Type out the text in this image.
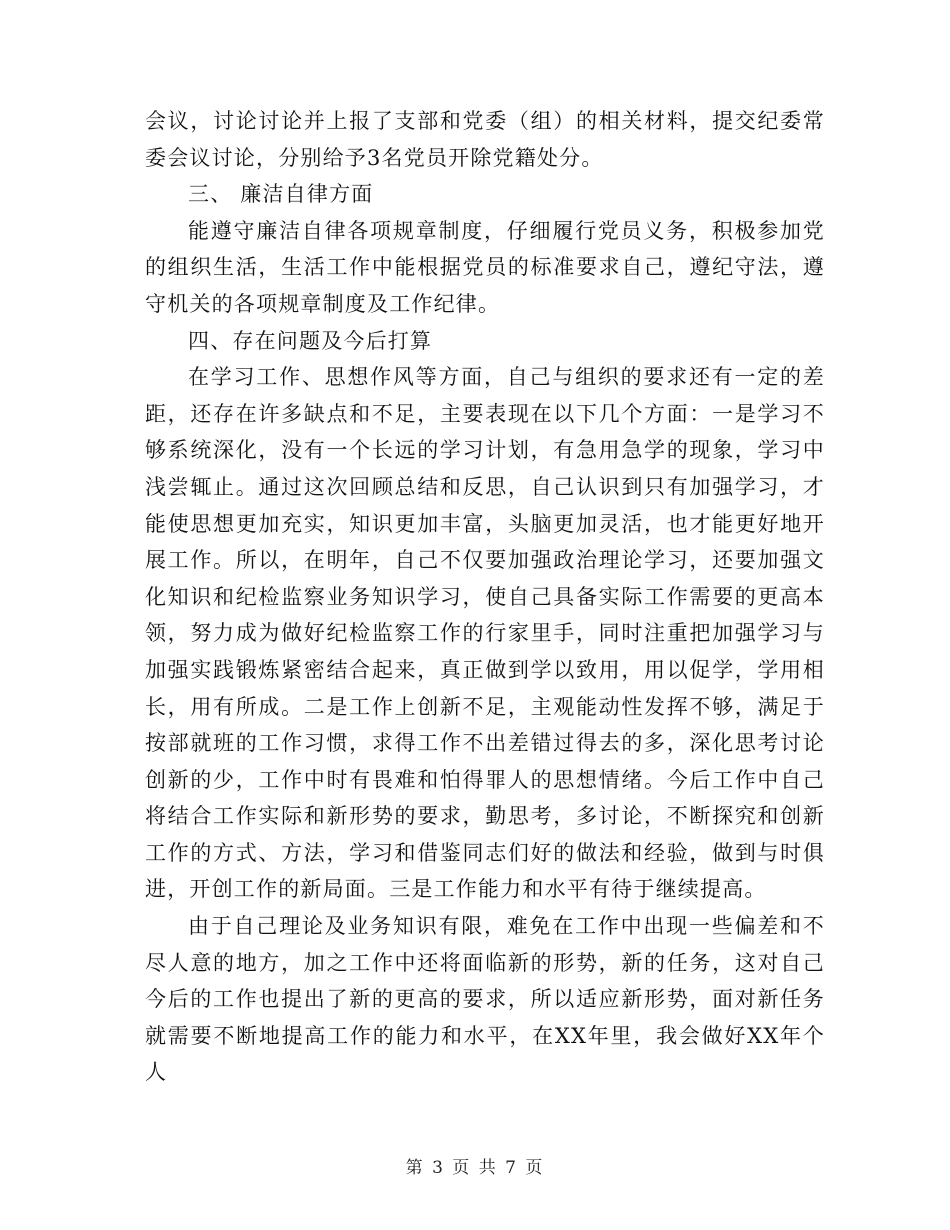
会议，讨论讨论并上报了支部和党委（组）的相关材料，提交纪委常委会议讨论，分别给予3名党员开除党籍处分。

三、 廉洁自律方面

能遵守廉洁自律各项规章制度，仔细履行党员义务，积极参加党的组织生活，生活工作中能根据党员的标准要求自己，遵纪守法，遵守机关的各项规章制度及工作纪律。

四、存在问题及今后打算

在学习工作、思想作风等方面，自己与组织的要求还有一定的差距，还存在许多缺点和不足，主要表现在以下几个方面：一是学习不够系统深化，没有一个长远的学习计划，有急用急学的现象，学习中浅尝辄止。通过这次回顾总结和反思，自己认识到只有加强学习，才能使思想更加充实，知识更加丰富，头脑更加灵活，也才能更好地开展工作。所以，在明年，自己不仅要加强政治理论学习，还要加强文化知识和纪检监察业务知识学习，使自己具备实际工作需要的更高本领，努力成为做好纪检监察工作的行家里手，同时注重把加强学习与加强实践锻炼紧密结合起来，真正做到学以致用，用以促学，学用相长，用有所成。二是工作上创新不足，主观能动性发挥不够，满足于按部就班的工作习惯，求得工作不出差错过得去的多，深化思考讨论创新的少，工作中时有畏难和怕得罪人的思想情绪。今后工作中自己将结合工作实际和新形势的要求，勤思考，多讨论，不断探究和创新工作的方式、方法，学习和借鉴同志们好的做法和经验，做到与时俱进，开创工作的新局面。三是工作能力和水平有待于继续提高。

由于自己理论及业务知识有限，难免在工作中出现一些偏差和不尽人意的地方，加之工作中还将面临新的形势，新的任务，这对自己今后的工作也提出了新的更高的要求，所以适应新形势，面对新任务就需要不断地提高工作的能力和水平，在XX年里，我会做好XX年个人

第 3 页 共 7 页
